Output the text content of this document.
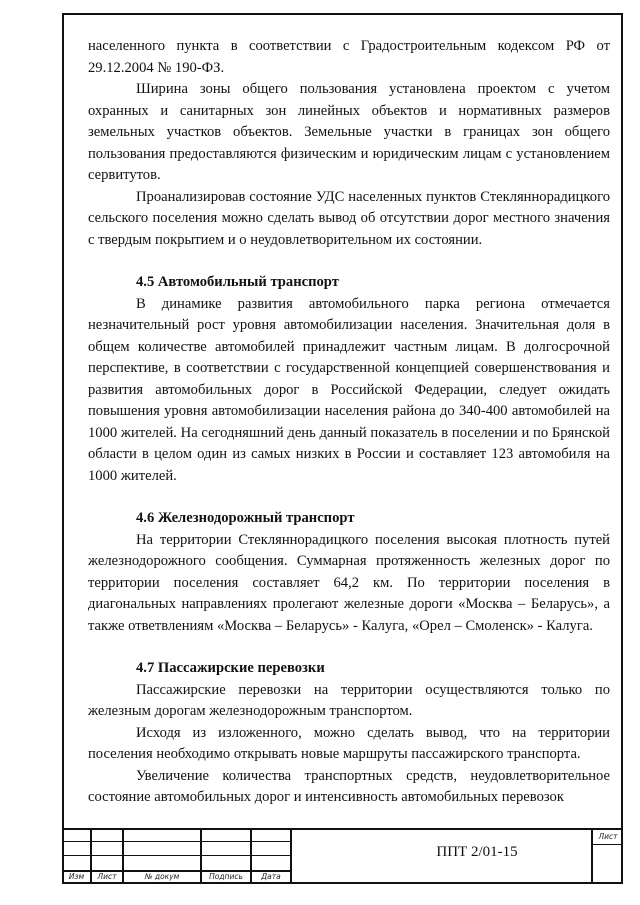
населенного пункта в соответствии с Градостроительным кодексом РФ от 29.12.2004 № 190-ФЗ.

Ширина зоны общего пользования установлена проектом с учетом охранных и санитарных зон линейных объектов и нормативных размеров земельных участков объектов. Земельные участки в границах зон общего пользования предоставляются физическим и юридическим лицам с установлением сервитутов.

Проанализировав состояние УДС населенных пунктов Стекляннорадицкого сельского поселения можно сделать вывод об отсутствии дорог местного значения с твердым покрытием и о неудовлетворительном их состоянии.

4.5 Автомобильный транспорт

В динамике развития автомобильного парка региона отмечается незначительный рост уровня автомобилизации населения. Значительная доля в общем количестве автомобилей принадлежит частным лицам. В долгосрочной перспективе, в соответствии с государственной концепцией совершенствования и развития автомобильных дорог в Российской Федерации, следует ожидать повышения уровня автомобилизации населения района до 340-400 автомобилей на 1000 жителей. На сегодняшний день данный показатель в поселении и по Брянской области в целом один из самых низких в России и составляет 123 автомобиля на 1000 жителей.

4.6 Железнодорожный транспорт

На территории Стекляннорадицкого поселения высокая плотность путей железнодорожного сообщения. Суммарная протяженность железных дорог по территории поселения составляет 64,2 км. По территории поселения в диагональных направлениях пролегают железные дороги «Москва – Беларусь», а также ответвлениям «Москва – Беларусь» - Калуга, «Орел – Смоленск» - Калуга.

4.7 Пассажирские перевозки

Пассажирские перевозки на территории осуществляются только по железным дорогам железнодорожным транспортом.

Исходя из изложенного, можно сделать вывод, что на территории поселения необходимо открывать новые маршруты пассажирского транспорта.

Увеличение количества транспортных средств, неудовлетворительное состояние автомобильных дорог и интенсивность автомобильных перевозок

Изм	Лист	№ докум	Подпись	Дата
Лист
ППТ 2/01-15
